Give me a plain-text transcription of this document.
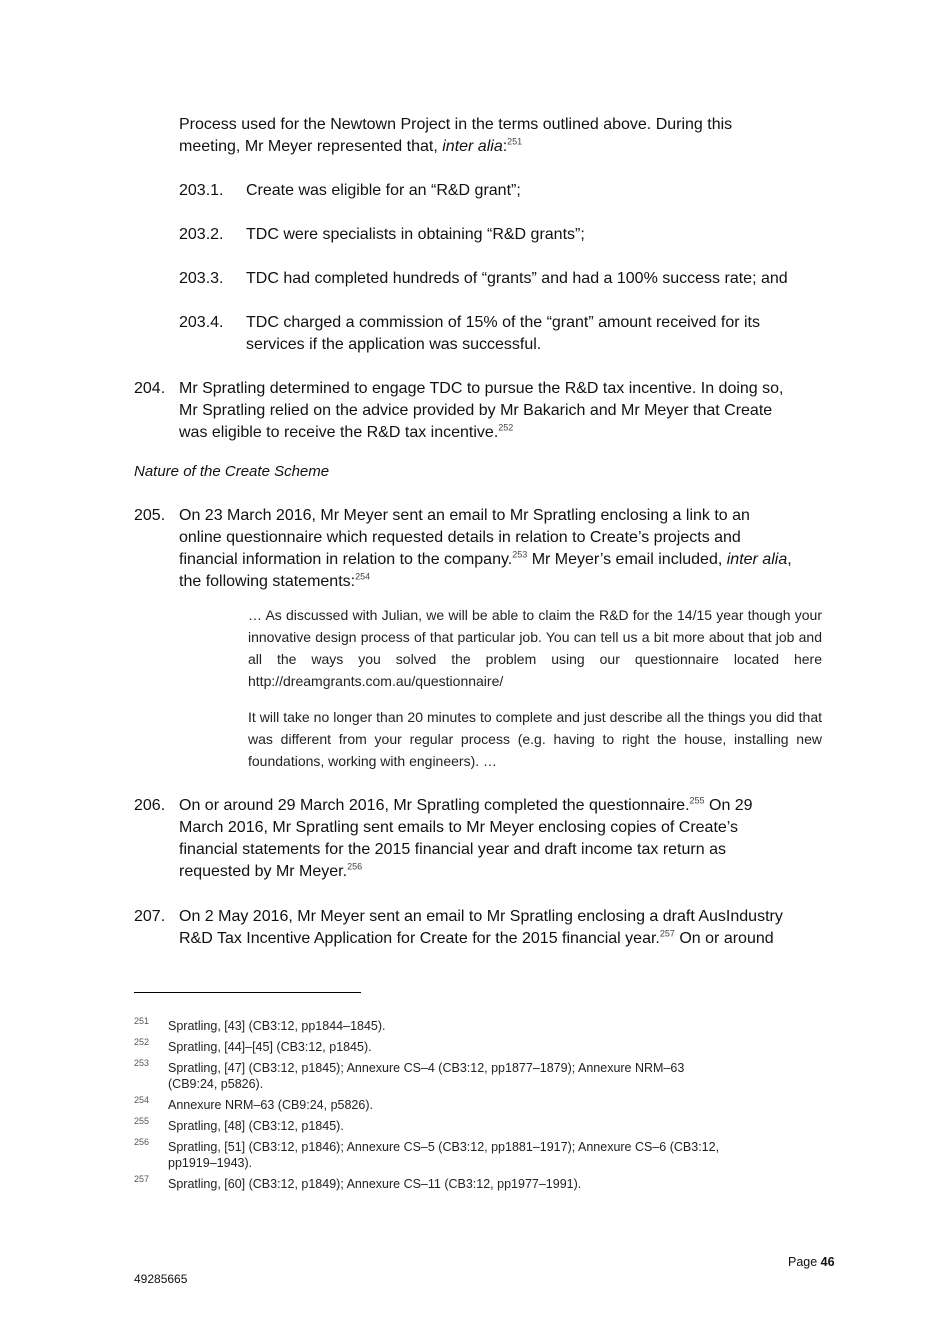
Process used for the Newtown Project in the terms outlined above. During this
meeting, Mr Meyer represented that, inter alia:$^{251}$
203.1. Create was eligible for an “R&D grant”;
203.2. TDC were specialists in obtaining “R&D grants”;
203.3. TDC had completed hundreds of “grants” and had a 100% success rate; and
203.4. TDC charged a commission of 15% of the “grant” amount received for its
services if the application was successful.
204. Mr Spratling determined to engage TDC to pursue the R&D tax incentive. In doing so,
Mr Spratling relied on the advice provided by Mr Bakarich and Mr Meyer that Create
was eligible to receive the R&D tax incentive.$^{252}$
Nature of the Create Scheme
205. On 23 March 2016, Mr Meyer sent an email to Mr Spratling enclosing a link to an
online questionnaire which requested details in relation to Create’s projects and
financial information in relation to the company.$^{253}$ Mr Meyer’s email included, inter alia,
the following statements:$^{254}$
… As discussed with Julian, we will be able to claim the R&D for the 14/15 year though your innovative design process of that particular job. You can tell us a bit more about that job and all the ways you solved the problem using our questionnaire located here http://dreamgrants.com.au/questionnaire/
It will take no longer than 20 minutes to complete and just describe all the things you did that was different from your regular process (e.g. having to right the house, installing new foundations, working with engineers). …
206. On or around 29 March 2016, Mr Spratling completed the questionnaire.$^{255}$ On 29
March 2016, Mr Spratling sent emails to Mr Meyer enclosing copies of Create’s
financial statements for the 2015 financial year and draft income tax return as
requested by Mr Meyer.$^{256}$
207. On 2 May 2016, Mr Meyer sent an email to Mr Spratling enclosing a draft AusIndustry
R&D Tax Incentive Application for Create for the 2015 financial year.$^{257}$ On or around
251 Spratling, [43] (CB3:12, pp1844–1845).
252 Spratling, [44]–[45] (CB3:12, p1845).
253 Spratling, [47] (CB3:12, p1845); Annexure CS–4 (CB3:12, pp1877–1879); Annexure NRM–63
(CB9:24, p5826).
254 Annexure NRM–63 (CB9:24, p5826).
255 Spratling, [48] (CB3:12, p1845).
256 Spratling, [51] (CB3:12, p1846); Annexure CS–5 (CB3:12, pp1881–1917); Annexure CS–6 (CB3:12,
pp1919–1943).
257 Spratling, [60] (CB3:12, p1849); Annexure CS–11 (CB3:12, pp1977–1991).
Page 46
49285665
